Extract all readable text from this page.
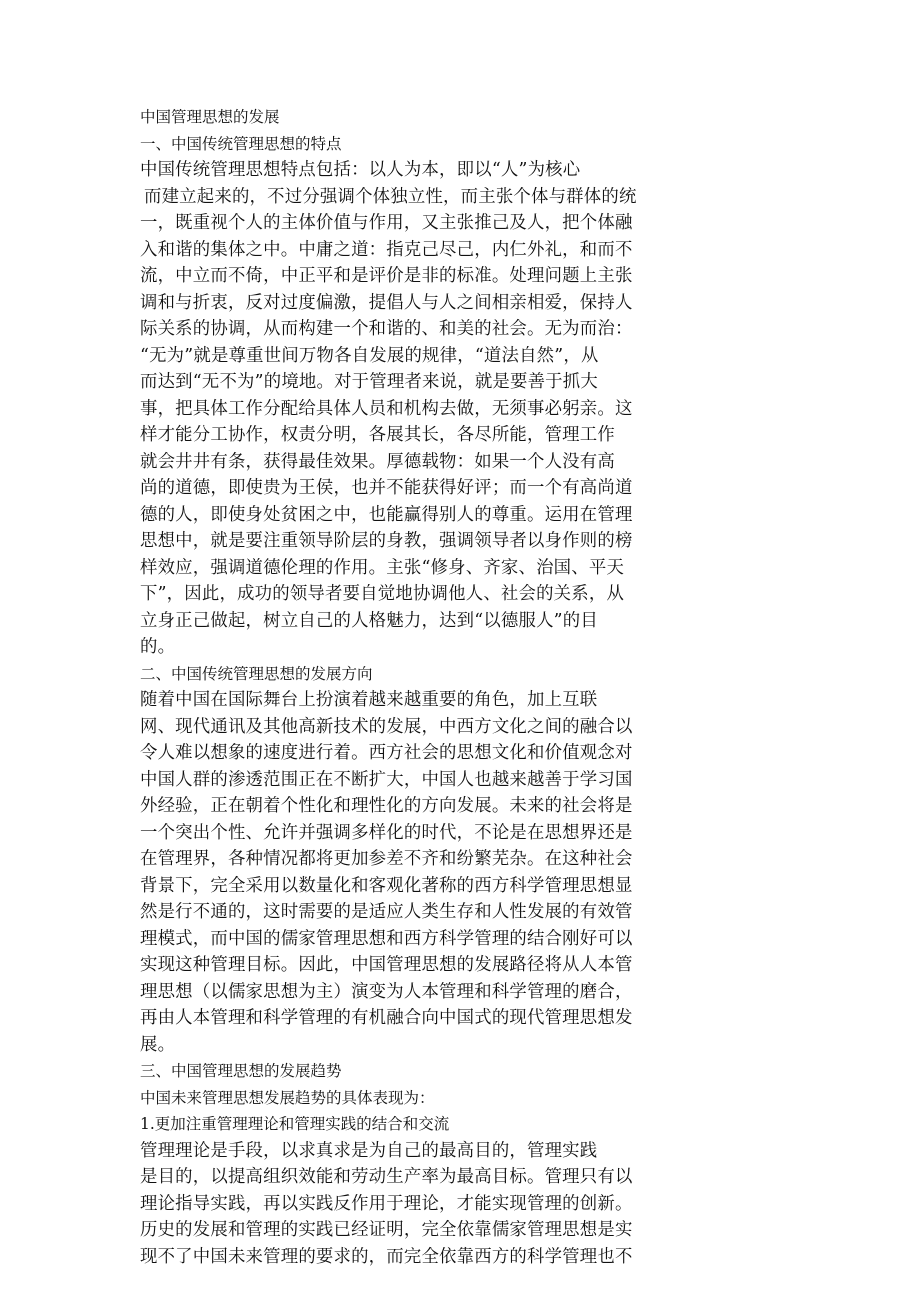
中国管理思想的发展
一、中国传统管理思想的特点
中国传统管理思想特点包括：以人为本，即以“人”为核心
而建立起来的，不过分强调个体独立性，而主张个体与群体的统
一，既重视个人的主体价值与作用，又主张推己及人，把个体融
入和谐的集体之中。中庸之道：指克己尽己，内仁外礼，和而不
流，中立而不倚，中正平和是评价是非的标准。处理问题上主张
调和与折衷，反对过度偏激，提倡人与人之间相亲相爱，保持人
际关系的协调，从而构建一个和谐的、和美的社会。无为而治：
“无为”就是尊重世间万物各自发展的规律，“道法自然”，从
而达到“无不为”的境地。对于管理者来说，就是要善于抓大
事，把具体工作分配给具体人员和机构去做，无须事必躬亲。这
样才能分工协作，权责分明，各展其长，各尽所能，管理工作
就会井井有条，获得最佳效果。厚德载物：如果一个人没有高
尚的道德，即使贵为王侯，也并不能获得好评；而一个有高尚道
德的人，即使身处贫困之中，也能赢得别人的尊重。运用在管理
思想中，就是要注重领导阶层的身教，强调领导者以身作则的榜
样效应，强调道德伦理的作用。主张“修身、齐家、治国、平天
下”，因此，成功的领导者要自觉地协调他人、社会的关系，从
立身正己做起，树立自己的人格魅力，达到“以德服人”的目
的。
二、中国传统管理思想的发展方向
随着中国在国际舞台上扮演着越来越重要的角色，加上互联
网、现代通讯及其他高新技术的发展，中西方文化之间的融合以
令人难以想象的速度进行着。西方社会的思想文化和价值观念对
中国人群的渗透范围正在不断扩大，中国人也越来越善于学习国
外经验，正在朝着个性化和理性化的方向发展。未来的社会将是
一个突出个性、允许并强调多样化的时代，不论是在思想界还是
在管理界，各种情况都将更加参差不齐和纷繁芜杂。在这种社会
背景下，完全采用以数量化和客观化著称的西方科学管理思想显
然是行不通的，这时需要的是适应人类生存和人性发展的有效管
理模式，而中国的儒家管理思想和西方科学管理的结合刚好可以
实现这种管理目标。因此，中国管理思想的发展路径将从人本管
理思想（以儒家思想为主）演变为人本管理和科学管理的磨合，
再由人本管理和科学管理的有机融合向中国式的现代管理思想发
展。
三、中国管理思想的发展趋势
中国未来管理思想发展趋势的具体表现为：
1.更加注重管理理论和管理实践的结合和交流
管理理论是手段，以求真求是为自己的最高目的，管理实践
是目的，以提高组织效能和劳动生产率为最高目标。管理只有以
理论指导实践，再以实践反作用于理论，才能实现管理的创新。
历史的发展和管理的实践已经证明，完全依靠儒家管理思想是实
现不了中国未来管理的要求的，而完全依靠西方的科学管理也不
